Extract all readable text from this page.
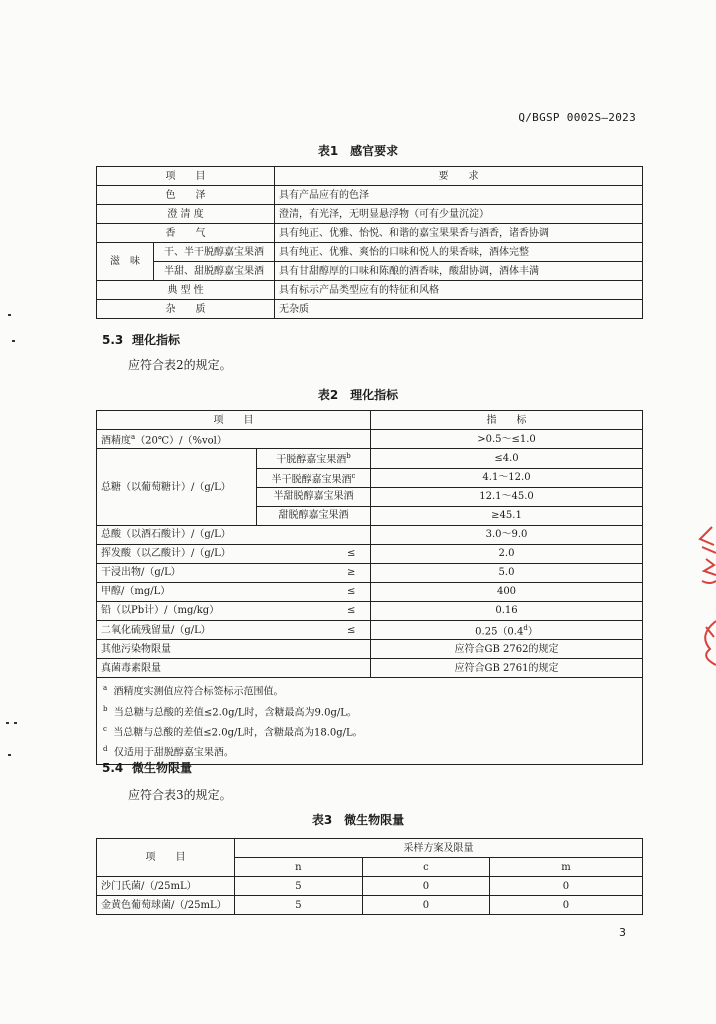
Q/BGSP 0002S—2023
表1　感官要求
项　　目		要　　求
色　　泽		具有产品应有的色泽
澄 清 度		澄清，有光泽，无明显悬浮物（可有少量沉淀）
香　　气		具有纯正、优雅、怡悦、和谐的嘉宝果果香与酒香，诸香协调
滋　味	干、半干脱醇嘉宝果酒	具有纯正、优雅、爽怡的口味和悦人的果香味，酒体完整
	半甜、甜脱醇嘉宝果酒	具有甘甜醇厚的口味和陈酿的酒香味，酸甜协调，酒体丰满
典 型 性		具有标示产品类型应有的特征和风格
杂　　质		无杂质
5.3 理化指标
应符合表2的规定。
表2　理化指标
项　　目		指　　标
酒精度$^a$（20℃）/（%vol）		>0.5～≤1.0
总糖（以葡萄糖计）/（g/L）	干脱醇嘉宝果酒$^b$	≤4.0
	半干脱醇嘉宝果酒$^c$	4.1～12.0
	半甜脱醇嘉宝果酒	12.1～45.0
	甜脱醇嘉宝果酒	≥45.1
总酸（以酒石酸计）/（g/L）		3.0～9.0
挥发酸（以乙酸计）/（g/L） ≤		2.0
干浸出物/（g/L） ≥		5.0
甲醇/（mg/L） ≤		400
铅（以Pb计）/（mg/kg） ≤		0.16
二氧化硫残留量/（g/L） ≤		0.25（0.4$^d$）
其他污染物限量		应符合GB 2762的规定
真菌毒素限量		应符合GB 2761的规定

$^a$ 酒精度实测值应符合标签标示范围值。
$^b$ 当总糖与总酸的差值≤2.0g/L时，含糖最高为9.0g/L。
$^c$ 当总糖与总酸的差值≤2.0g/L时，含糖最高为18.0g/L。
$^d$ 仅适用于甜脱醇嘉宝果酒。		
5.4 微生物限量
应符合表3的规定。
表3　微生物限量
项　　目	采样方案及限量		
	n	c	m
沙门氏菌/（/25mL）	5	0	0
金黄色葡萄球菌/（/25mL）	5	0	0
3
